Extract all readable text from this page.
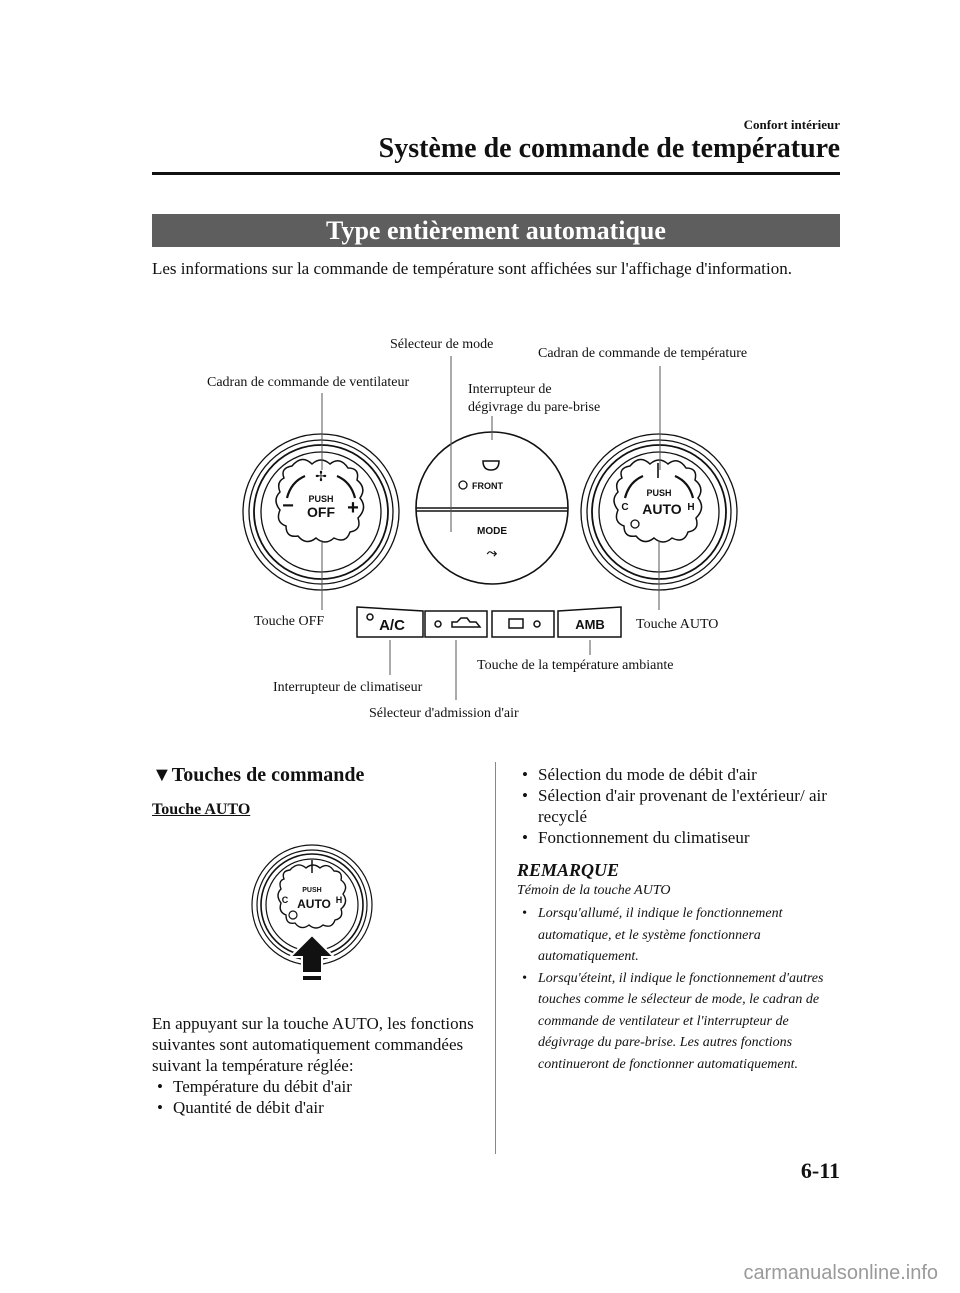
Confort intérieur
Système de commande de température
Type entièrement automatique
Les informations sur la commande de température sont affichées sur l'affichage d'information.
PUSH
OFF
−	+
✢
FRONT
MODE
⤳
PUSH
AUTO
C	H
A/C	AMB
Sélecteur de mode
Cadran de commande de température
Cadran de commande de ventilateur	Interrupteur de
dégivrage du pare-brise
Touche OFF	Touche AUTO
Touche de la température ambiante
Interrupteur de climatiseur
Sélecteur d'admission d'air
▼Touches de commande
Touche AUTO
PUSH
AUTO
C	H
En appuyant sur la touche AUTO, les fonctions suivantes sont automatiquement commandées suivant la température réglée:
• Température du débit d'air
• Quantité de débit d'air
• Sélection du mode de débit d'air
• Sélection d'air provenant de l'extérieur/ air recyclé
• Fonctionnement du climatiseur
REMARQUE
Témoin de la touche AUTO
• Lorsqu'allumé, il indique le fonctionnement automatique, et le système fonctionnera automatiquement.
• Lorsqu'éteint, il indique le fonctionnement d'autres touches comme le sélecteur de mode, le cadran de commande de ventilateur et l'interrupteur de dégivrage du pare-brise. Les autres fonctions continueront de fonctionner automatiquement.
6-11
carmanualsonline.info
